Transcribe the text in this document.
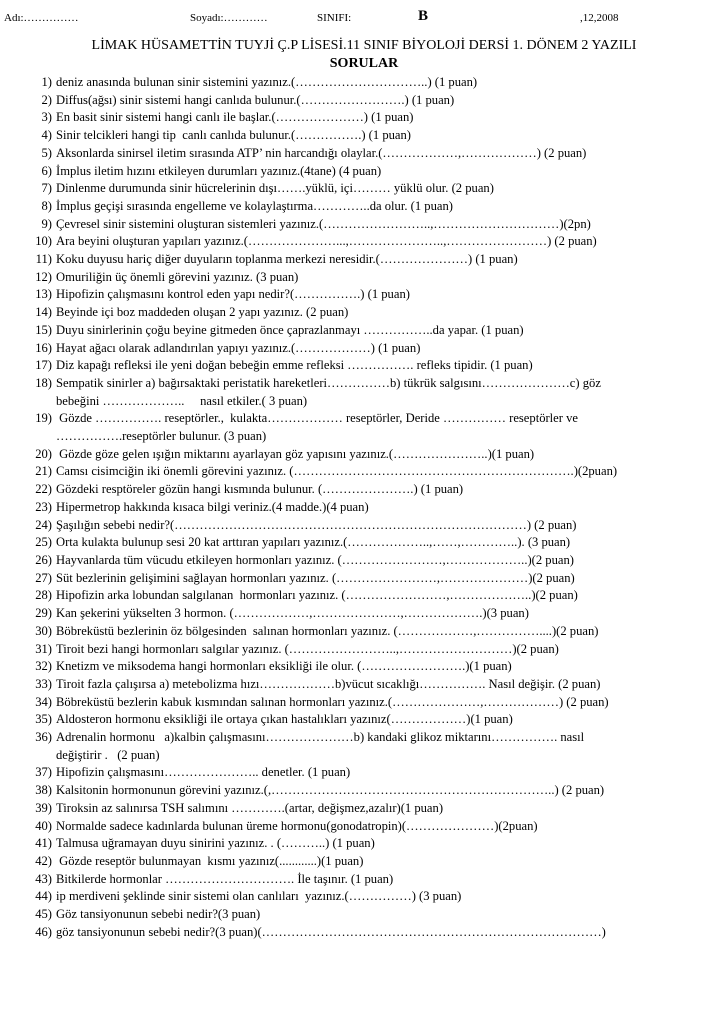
Adı:……………	Soyadı:…………	SINIFI:	B	,12,2008
LİMAK HÜSAMETTİN TUYJİ Ç.P LİSESİ.11 SINIF BİYOLOJİ DERSİ 1. DÖNEM 2 YAZILI
SORULAR
1) deniz anasında bulunan sinir sistemini yazınız.(…………………………..) (1 puan)
2) Diffus(ağsı) sinir sistemi hangi canlıda bulunur.(…………………….) (1 puan)
3) En basit sinir sistemi hangi canlı ile başlar.(…………………) (1 puan)
4) Sinir telcikleri hangi tip  canlı canlıda bulunur.(…………….) (1 puan)
5) Aksonlarda sinirsel iletim sırasında ATP’ nin harcandığı olaylar.(………………,………………) (2 puan)
6) İmplus iletim hızını etkileyen durumları yazınız.(4tane) (4 puan)
7) Dinlenme durumunda sinir hücrelerinin dışı…….yüklü, içi……… yüklü olur. (2 puan)
8) İmplus geçişi sırasında engelleme ve kolaylaştırma…………..da olur. (1 puan)
9) Çevresel sinir sistemini oluşturan sistemleri yazınız.(……………………..,…………………………)(2pn)
10) Ara beyini oluşturan yapıları yazınız.(…………………...,…………………..,……………………) (2 puan)
11) Koku duyusu hariç diğer duyuların toplanma merkezi neresidir.(…………………) (1 puan)
12) Omuriliğin üç önemli görevini yazınız. (3 puan)
13) Hipofizin çalışmasını kontrol eden yapı nedir?(…………….) (1 puan)
14) Beyinde içi boz maddeden oluşan 2 yapı yazınız. (2 puan)
15) Duyu sinirlerinin çoğu beyine gitmeden önce çaprazlanmayı ……………..da yapar. (1 puan)
16) Hayat ağacı olarak adlandırılan yapıyı yazınız.(………………) (1 puan)
17) Diz kapağı refleksi ile yeni doğan bebeğin emme refleksi ……………. refleks tipidir. (1 puan)
18) Sempatik sinirler a) bağırsaktaki peristatik hareketleri……………b) tükrük salgısını…………………c) göz
bebeğini ………………..     nasıl etkiler.( 3 puan)
19) Gözde ……………. reseptörler.,  kulakta……………… reseptörler, Deride …………… reseptörler ve
…………….reseptörler bulunur. (3 puan)
20) Gözde göze gelen ışığın miktarını ayarlayan göz yapısını yazınız.(…………………..)(1 puan)
21) Camsı cisimciğin iki önemli görevini yazınız. (………………………………………………………….)(2puan)
22) Gözdeki resptöreler gözün hangi kısmında bulunur. (………………….) (1 puan)
23) Hipermetrop hakkında kısaca bilgi veriniz.(4 madde.)(4 puan)
24) Şaşılığın sebebi nedir?(…………………………………………………………………………) (2 puan)
25) Orta kulakta bulunup sesi 20 kat arttıran yapıları yazınız.(………………..,……,…………..). (3 puan)
26) Hayvanlarda tüm vücudu etkileyen hormonları yazınız. (……………………,………………..)(2 puan)
27) Süt bezlerinin gelişimini sağlayan hormonları yazınız. (……………………,…………………)(2 puan)
28) Hipofizin arka lobundan salgılanan  hormonları yazınız. (……………………,………………..)(2 puan)
29) Kan şekerini yükselten 3 hormon. (………………,…………………,……………….)(3 puan)
30) Böbreküstü bezlerinin öz bölgesinden  salınan hormonları yazınız. (………………,……………....)(2 puan)
31) Tiroit bezi hangi hormonları salgılar yazınız. (……………………..,………………………)(2 puan)
32) Knetizm ve miksodema hangi hormonları eksikliği ile olur. (…………………….)(1 puan)
33) Tiroit fazla çalışırsa a) metebolizma hızı………………b)vücut sıcaklığı……………. Nasıl değişir. (2 puan)
34) Böbreküstü bezlerin kabuk kısmından salınan hormonları yazınız.(…………………,………………) (2 puan)
35) Aldosteron hormonu eksikliği ile ortaya çıkan hastalıkları yazınız(………………)(1 puan)
36) Adrenalin hormonu   a)kalbin çalışmasını…………………b) kandaki glikoz miktarını……………. nasıl
değiştirir .   (2 puan)
37) Hipofizin çalışmasını………………….. denetler. (1 puan)
38) Kalsitonin hormonunun görevini yazınız.(,…………………………………………………………..) (2 puan)
39) Tiroksin az salınırsa TSH salımını ………….(artar, değişmez,azalır)(1 puan)
40) Normalde sadece kadınlarda bulunan üreme hormonu(gonodatropin)(…………………)(2puan)
41) Talmusa uğramayan duyu sinirini yazınız. . (………..) (1 puan)
42) Gözde reseptör bulunmayan  kısmı yazınız(............)(1 puan)
43) Bitkilerde hormonlar …………………………. İle taşınır. (1 puan)
44) ip merdiveni şeklinde sinir sistemi olan canlıları  yazınız.(……………) (3 puan)
45) Göz tansiyonunun sebebi nedir?(3 puan)
46) göz tansiyonunun sebebi nedir?(3 puan)(………………………………………………………………………)
